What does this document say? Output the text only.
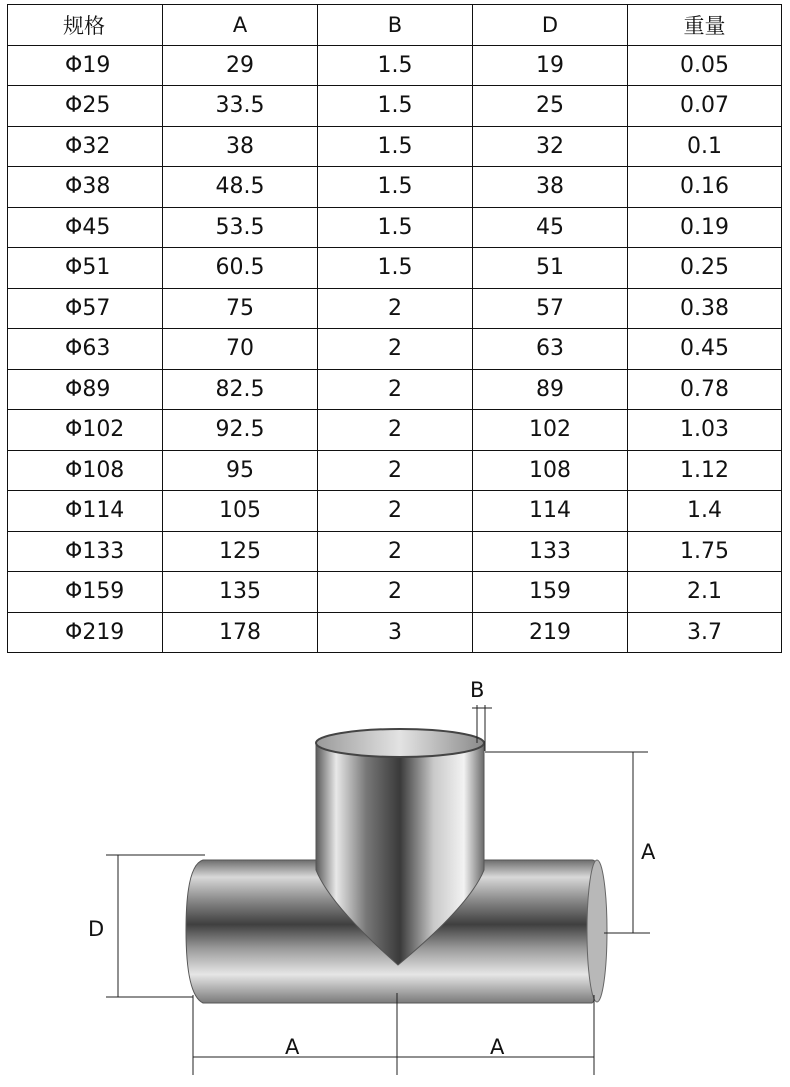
规格	A	B	D	重量
Φ19	29	1.5	19	0.05
Φ25	33.5	1.5	25	0.07
Φ32	38	1.5	32	0.1
Φ38	48.5	1.5	38	0.16
Φ45	53.5	1.5	45	0.19
Φ51	60.5	1.5	51	0.25
Φ57	75	2	57	0.38
Φ63	70	2	63	0.45
Φ89	82.5	2	89	0.78
Φ102	92.5	2	102	1.03
Φ108	95	2	108	1.12
Φ114	105	2	114	1.4
Φ133	125	2	133	1.75
Φ159	135	2	159	2.1
Φ219	178	3	219	3.7
B
A
D
A	A
